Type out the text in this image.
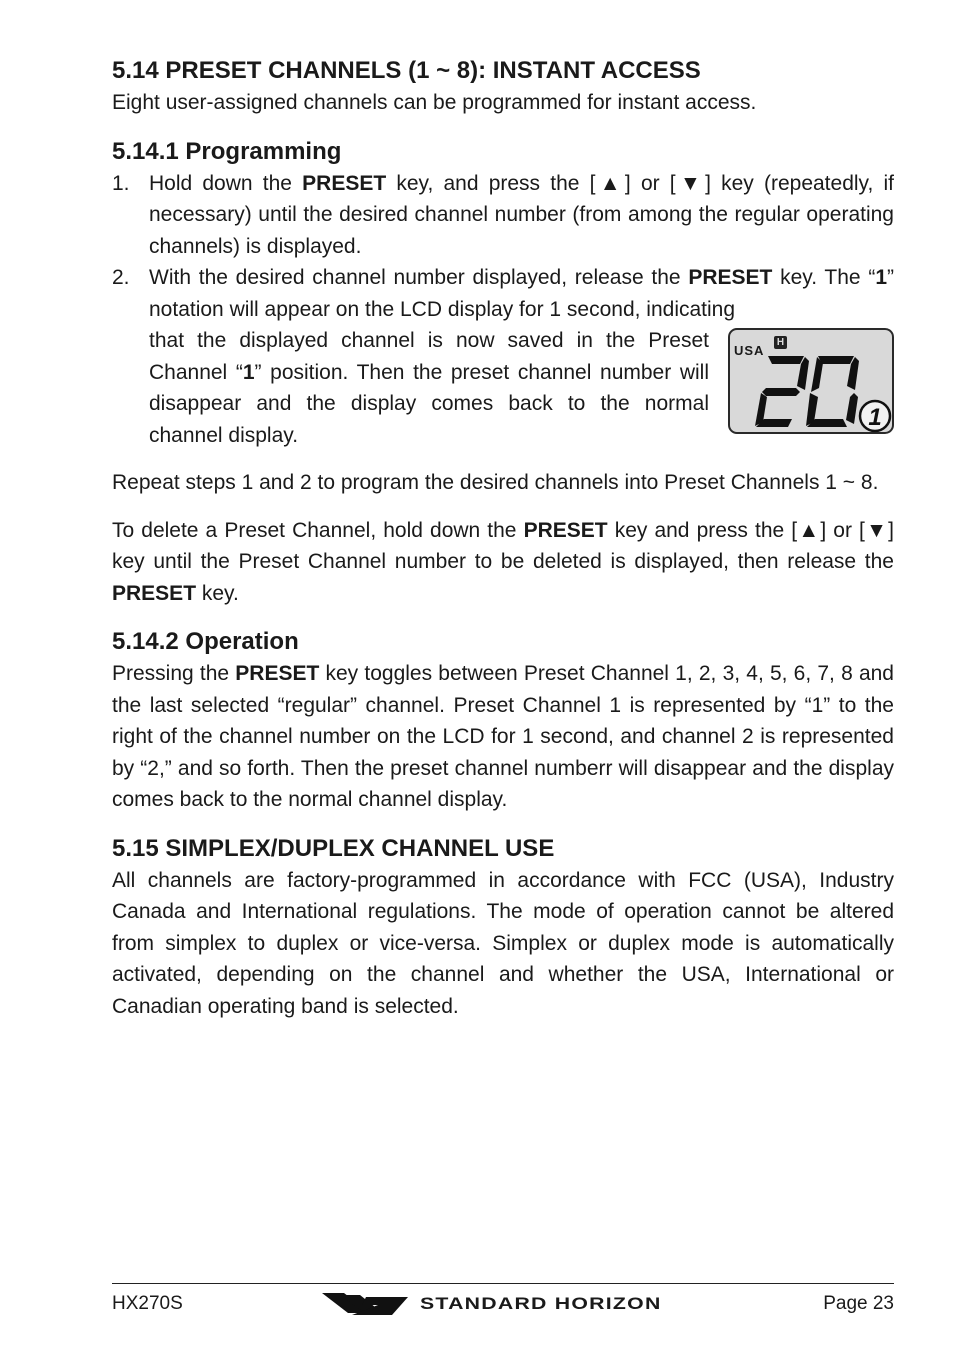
5.14 PRESET CHANNELS (1 ~ 8): INSTANT ACCESS

Eight user-assigned channels can be programmed for instant access.

5.14.1 Programming
1. Hold down the PRESET key, and press the [▲] or [▼] key (repeatedly, if necessary) until the desired channel number (from among the regular operating channels) is displayed.
2. With the desired channel number displayed, release the PRESET key. The “1” notation will appear on the LCD display for 1 second, indicating
that the displayed channel is now saved in the Preset Channel “1” position. Then the preset channel number will disappear and the display comes back to the normal channel display.
USA
H
1

Repeat steps 1 and 2 to program the desired channels into Preset Channels 1 ~ 8.

To delete a Preset Channel, hold down the PRESET key and press the [▲] or [▼] key until the Preset Channel number to be deleted is displayed, then release the PRESET key.

5.14.2 Operation

Pressing the PRESET key toggles between Preset Channel 1, 2, 3, 4, 5, 6, 7, 8 and the last selected “regular” channel. Preset Channel 1 is represented by “1” to the right of the channel number on the LCD for 1 second, and channel 2 is represented by “2,” and so forth. Then the preset channel numberr will disappear and the display comes back to the normal channel display.

5.15 SIMPLEX/DUPLEX CHANNEL USE

All channels are factory-programmed in accordance with FCC (USA), Industry Canada and International regulations. The mode of operation cannot be altered from simplex to duplex or vice-versa. Simplex or duplex mode is automatically activated, depending on the channel and whether the USA, International or Canadian operating band is selected.

HX270S	STANDARD HORIZON	Page 23
